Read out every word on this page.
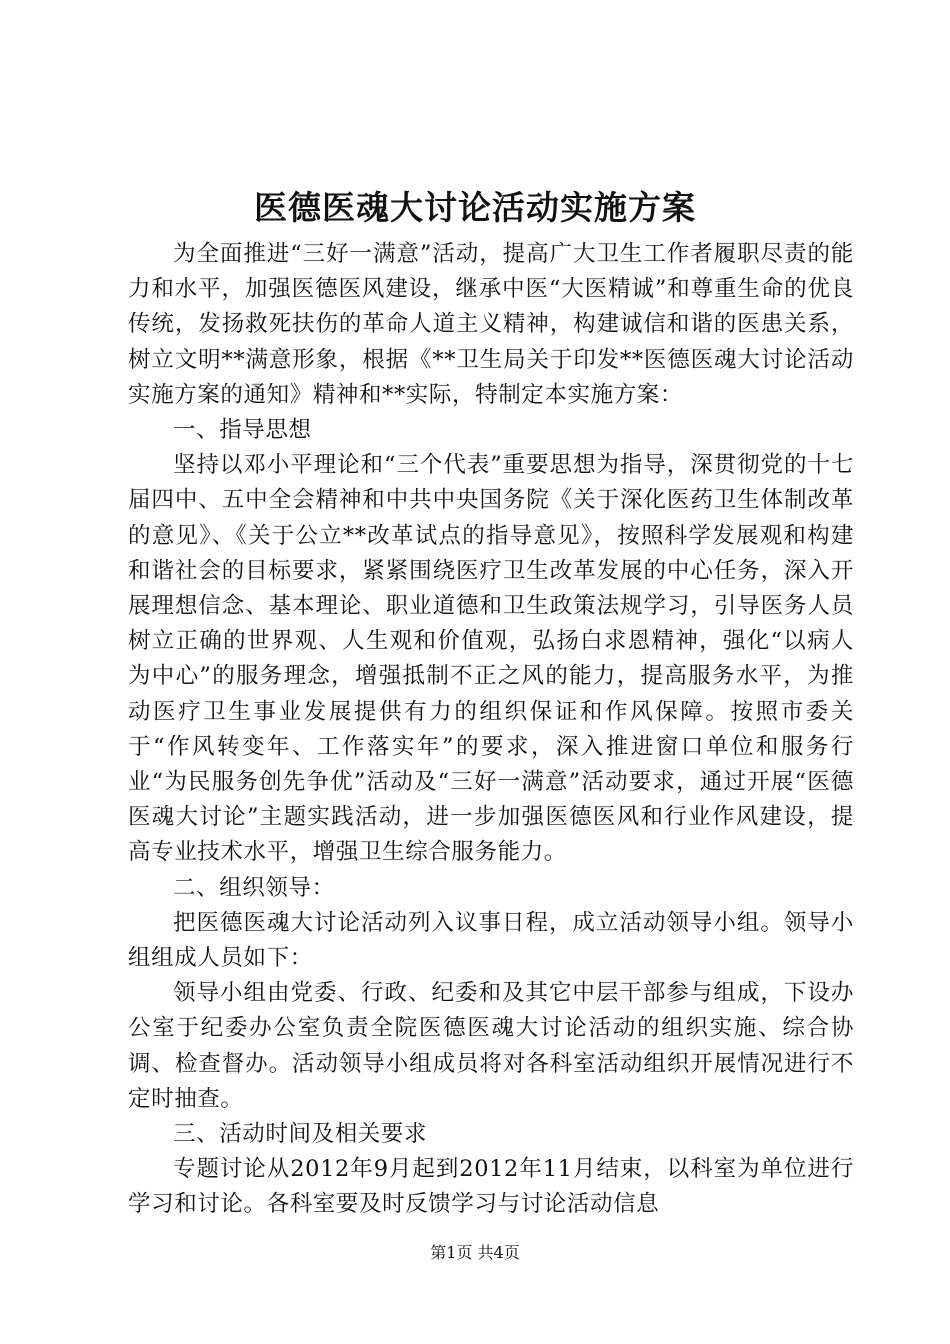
医德医魂大讨论活动实施方案

为全面推进“三好一满意”活动，提高广大卫生工作者履职尽责的能力和水平，加强医德医风建设，继承中医“大医精诚”和尊重生命的优良传统，发扬救死扶伤的革命人道主义精神，构建诚信和谐的医患关系，树立文明**满意形象，根据《**卫生局关于印发**医德医魂大讨论活动实施方案的通知》精神和**实际，特制定本实施方案：

一、指导思想

坚持以邓小平理论和“三个代表”重要思想为指导，深贯彻党的十七届四中、五中全会精神和中共中央国务院《关于深化医药卫生体制改革的意见》、《关于公立**改革试点的指导意见》，按照科学发展观和构建和谐社会的目标要求，紧紧围绕医疗卫生改革发展的中心任务，深入开展理想信念、基本理论、职业道德和卫生政策法规学习，引导医务人员树立正确的世界观、人生观和价值观，弘扬白求恩精神，强化“以病人为中心”的服务理念，增强抵制不正之风的能力，提高服务水平，为推动医疗卫生事业发展提供有力的组织保证和作风保障。按照市委关于“作风转变年、工作落实年”的要求，深入推进窗口单位和服务行业“为民服务创先争优”活动及“三好一满意”活动要求，通过开展“医德医魂大讨论”主题实践活动，进一步加强医德医风和行业作风建设，提高专业技术水平，增强卫生综合服务能力。

二、组织领导：

把医德医魂大讨论活动列入议事日程，成立活动领导小组。领导小组组成人员如下：

领导小组由党委、行政、纪委和及其它中层干部参与组成，下设办公室于纪委办公室负责全院医德医魂大讨论活动的组织实施、综合协调、检查督办。活动领导小组成员将对各科室活动组织开展情况进行不定时抽查。

三、活动时间及相关要求

专题讨论从2012年9月起到2012年11月结束，以科室为单位进行学习和讨论。各科室要及时反馈学习与讨论活动信息

第1页 共4页
